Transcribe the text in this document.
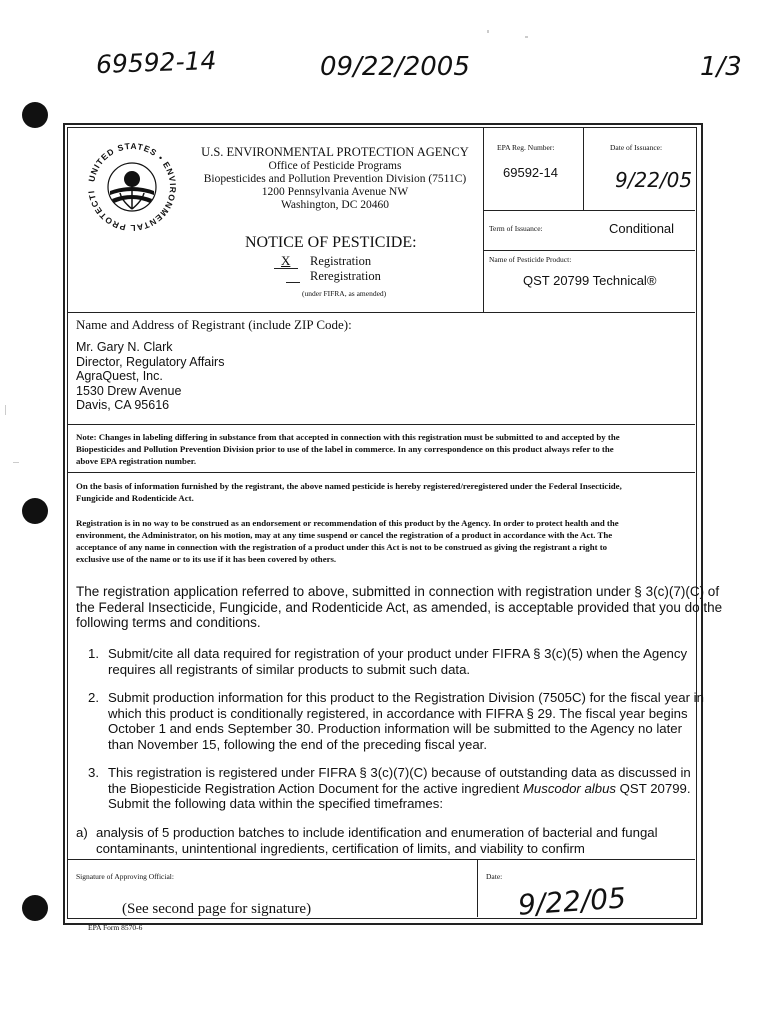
69592-14	09/22/2005	1/3
UNITED STATES • ENVIRONMENTAL PROTECTI
U.S. ENVIRONMENTAL PROTECTION AGENCY
Office of Pesticide Programs
Biopesticides and Pollution Prevention Division (7511C)
1200 Pennsylvania Avenue NW
Washington, DC 20460
NOTICE OF PESTICIDE:
X Registration
Reregistration
(under FIFRA, as amended)
EPA Reg. Number:
69592-14
Date of Issuance:
9/22/05
Term of Issuance:	Conditional
Name of Pesticide Product:
QST 20799 Technical®
Name and Address of Registrant (include ZIP Code):
Mr. Gary N. Clark
Director, Regulatory Affairs
AgraQuest, Inc.
1530 Drew Avenue
Davis, CA 95616
Note: Changes in labeling differing in substance from that accepted in connection with this registration must be submitted to and accepted by the
Biopesticides and Pollution Prevention Division prior to use of the label in commerce. In any correspondence on this product always refer to the
above EPA registration number.
On the basis of information furnished by the registrant, the above named pesticide is hereby registered/reregistered under the Federal Insecticide,
Fungicide and Rodenticide Act.
Registration is in no way to be construed as an endorsement or recommendation of this product by the Agency. In order to protect health and the
environment, the Administrator, on his motion, may at any time suspend or cancel the registration of a product in accordance with the Act. The
acceptance of any name in connection with the registration of a product under this Act is not to be construed as giving the registrant a right to
exclusive use of the name or to its use if it has been covered by others.
The registration application referred to above, submitted in connection with registration under § 3(c)(7)(C) of
the Federal Insecticide, Fungicide, and Rodenticide Act, as amended, is acceptable provided that you do the
following terms and conditions.
1. Submit/cite all data required for registration of your product under FIFRA § 3(c)(5) when the Agency
requires all registrants of similar products to submit such data.
2. Submit production information for this product to the Registration Division (7505C) for the fiscal year in
which this product is conditionally registered, in accordance with FIFRA § 29. The fiscal year begins
October 1 and ends September 30. Production information will be submitted to the Agency no later
than November 15, following the end of the preceding fiscal year.
3. This registration is registered under FIFRA § 3(c)(7)(C) because of outstanding data as discussed in
the Biopesticide Registration Action Document for the active ingredient Muscodor albus QST 20799.
Submit the following data within the specified timeframes:
a) analysis of 5 production batches to include identification and enumeration of bacterial and fungal
contaminants, unintentional ingredients, certification of limits, and viability to confirm
Signature of Approving Official:
(See second page for signature)
Date:
9/22/05
EPA Form 8570-6
